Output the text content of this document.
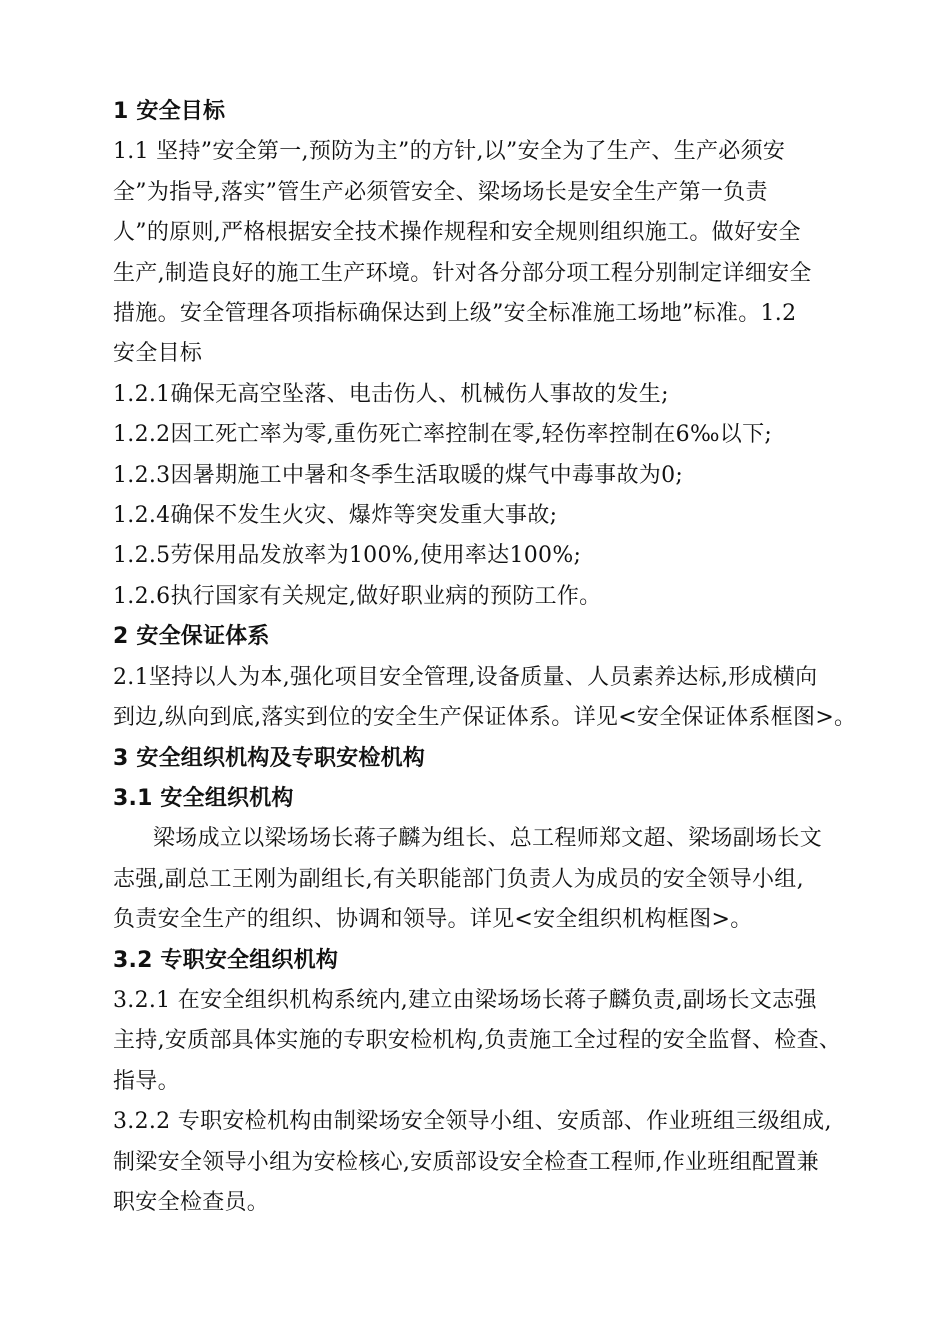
1 安全目标
1.1 坚持”安全第一,预防为主”的方针,以”安全为了生产、生产必须安
全”为指导,落实”管生产必须管安全、梁场场长是安全生产第一负责
人”的原则,严格根据安全技术操作规程和安全规则组织施工。做好安全
生产,制造良好的施工生产环境。针对各分部分项工程分别制定详细安全
措施。安全管理各项指标确保达到上级”安全标准施工场地”标准。1.2
安全目标
1.2.1确保无高空坠落、电击伤人、机械伤人事故的发生;
1.2.2因工死亡率为零,重伤死亡率控制在零,轻伤率控制在6‰以下;
1.2.3因暑期施工中暑和冬季生活取暖的煤气中毒事故为0;
1.2.4确保不发生火灾、爆炸等突发重大事故;
1.2.5劳保用品发放率为100%,使用率达100%;
1.2.6执行国家有关规定,做好职业病的预防工作。
2 安全保证体系
2.1坚持以人为本,强化项目安全管理,设备质量、人员素养达标,形成横向
到边,纵向到底,落实到位的安全生产保证体系。详见<安全保证体系框图>。
3 安全组织机构及专职安检机构
3.1 安全组织机构
梁场成立以梁场场长蒋子麟为组长、总工程师郑文超、梁场副场长文
志强,副总工王刚为副组长,有关职能部门负责人为成员的安全领导小组,
负责安全生产的组织、协调和领导。详见<安全组织机构框图>。
3.2 专职安全组织机构
3.2.1 在安全组织机构系统内,建立由梁场场长蒋子麟负责,副场长文志强
主持,安质部具体实施的专职安检机构,负责施工全过程的安全监督、检查、
指导。
3.2.2 专职安检机构由制梁场安全领导小组、安质部、作业班组三级组成,
制梁安全领导小组为安检核心,安质部设安全检查工程师,作业班组配置兼
职安全检查员。
